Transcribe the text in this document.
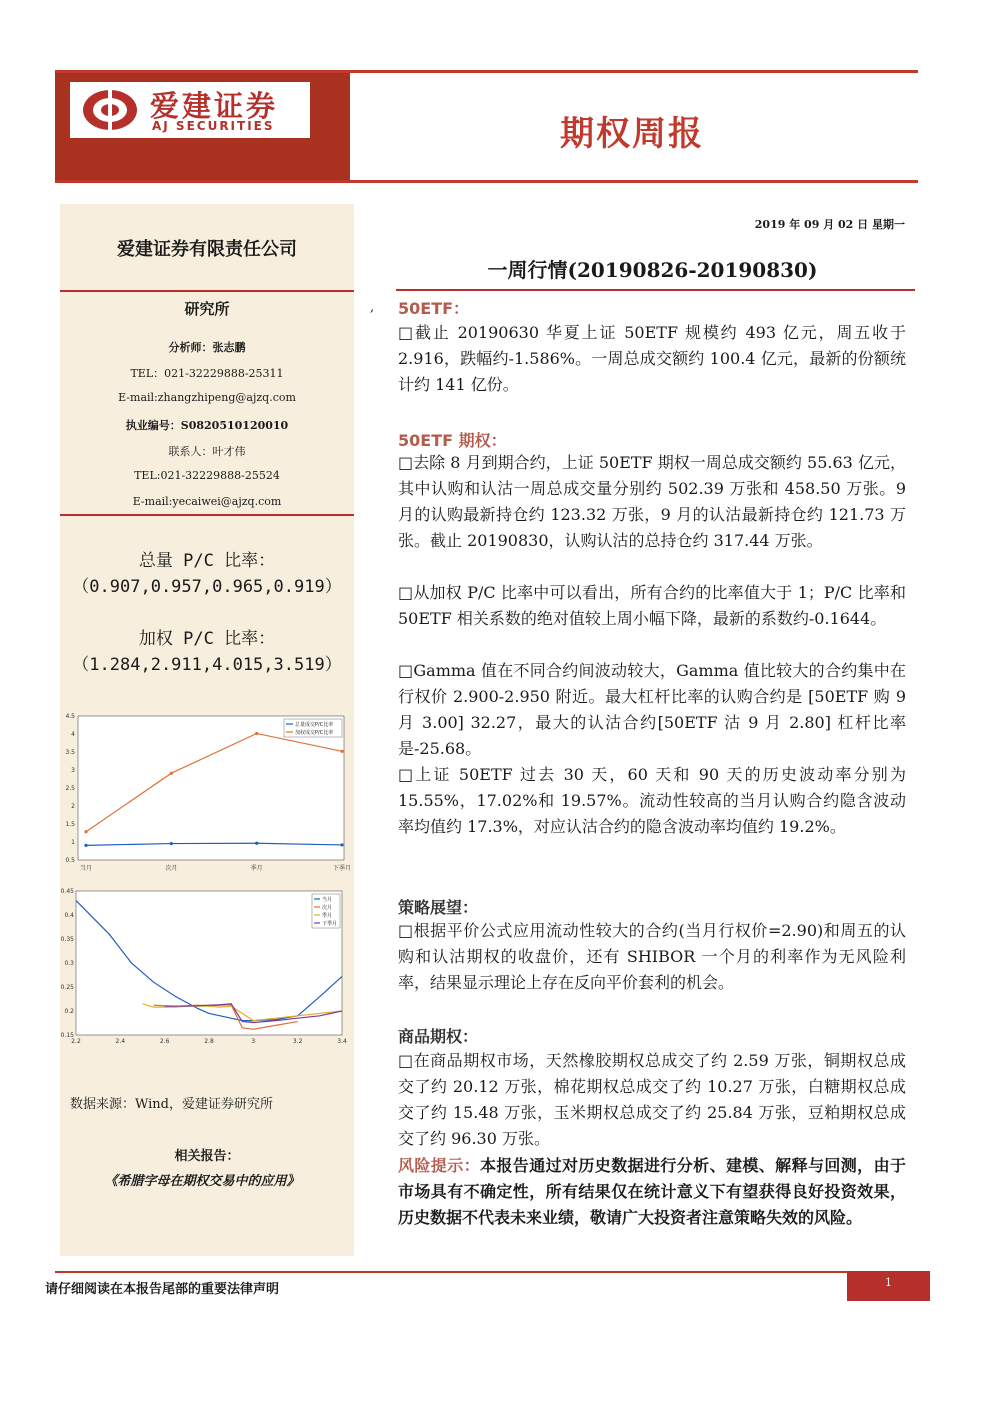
爱建证券
AJ SECURITIES	期权周报
爱建证券有限责任公司
研究所
分析师：张志鹏
TEL：021-32229888-25311
E-mail:zhangzhipeng@ajzq.com
执业编号：S0820510120010
联系人：叶才伟
TEL:021-32229888-25524
E-mail:yecaiwei@ajzq.com
总量 P/C 比率：
（0.907,0.957,0.965,0.919）
加权 P/C 比率：
（1.284,2.911,4.015,3.519）
0.5
1
1.5
2
2.5
3
3.5
4
4.5
当月	次月	季月	下季月
总量成交P/C比率
加权成交P/C比率
0.15
0.2
0.25
0.3
0.35
0.4
0.45
2.2	2.4	2.6	2.8	3	3.2	3.4
当月
次月
季月
下季月
数据来源：Wind，爱建证券研究所
相关报告：
《希腊字母在期权交易中的应用》
2019 年 09 月 02 日 星期一
一周行情(20190826-20190830)
, 50ETF：
□截止 20190630 华夏上证 50ETF 规模约 493 亿元，周五收于 2.916，跌幅约-1.586%。一周总成交额约 100.4 亿元，最新的份额统计约 141 亿份。
50ETF 期权：
□去除 8 月到期合约，上证 50ETF 期权一周总成交额约 55.63 亿元，其中认购和认沽一周总成交量分别约 502.39 万张和 458.50 万张。9 月的认购最新持仓约 123.32 万张，9 月的认沽最新持仓约 121.73 万张。截止 20190830，认购认沽的总持仓约 317.44 万张。
□从加权 P/C 比率中可以看出，所有合约的比率值大于 1；P/C 比率和 50ETF 相关系数的绝对值较上周小幅下降，最新的系数约-0.1644。
□Gamma 值在不同合约间波动较大，Gamma 值比较大的合约集中在行权价 2.900-2.950 附近。最大杠杆比率的认购合约是 [50ETF 购 9 月 3.00] 32.27，最大的认沽合约[50ETF 沽 9 月 2.80] 杠杆比率是-25.68。
□上证 50ETF 过去 30 天，60 天和 90 天的历史波动率分别为 15.55%，17.02%和 19.57%。流动性较高的当月认购合约隐含波动率均值约 17.3%，对应认沽合约的隐含波动率均值约 19.2%。
策略展望：
□根据平价公式应用流动性较大的合约(当月行权价=2.90)和周五的认购和认沽期权的收盘价，还有 SHIBOR 一个月的利率作为无风险利率，结果显示理论上存在反向平价套利的机会。
商品期权：
□在商品期权市场，天然橡胶期权总成交了约 2.59 万张，铜期权总成交了约 20.12 万张，棉花期权总成交了约 10.27 万张，白糖期权总成交了约 15.48 万张，玉米期权总成交了约 25.84 万张，豆粕期权总成交了约 96.30 万张。
风险提示：本报告通过对历史数据进行分析、建模、解释与回测，由于市场具有不确定性，所有结果仅在统计意义下有望获得良好投资效果，历史数据不代表未来业绩，敬请广大投资者注意策略失效的风险。
请仔细阅读在本报告尾部的重要法律声明	1
